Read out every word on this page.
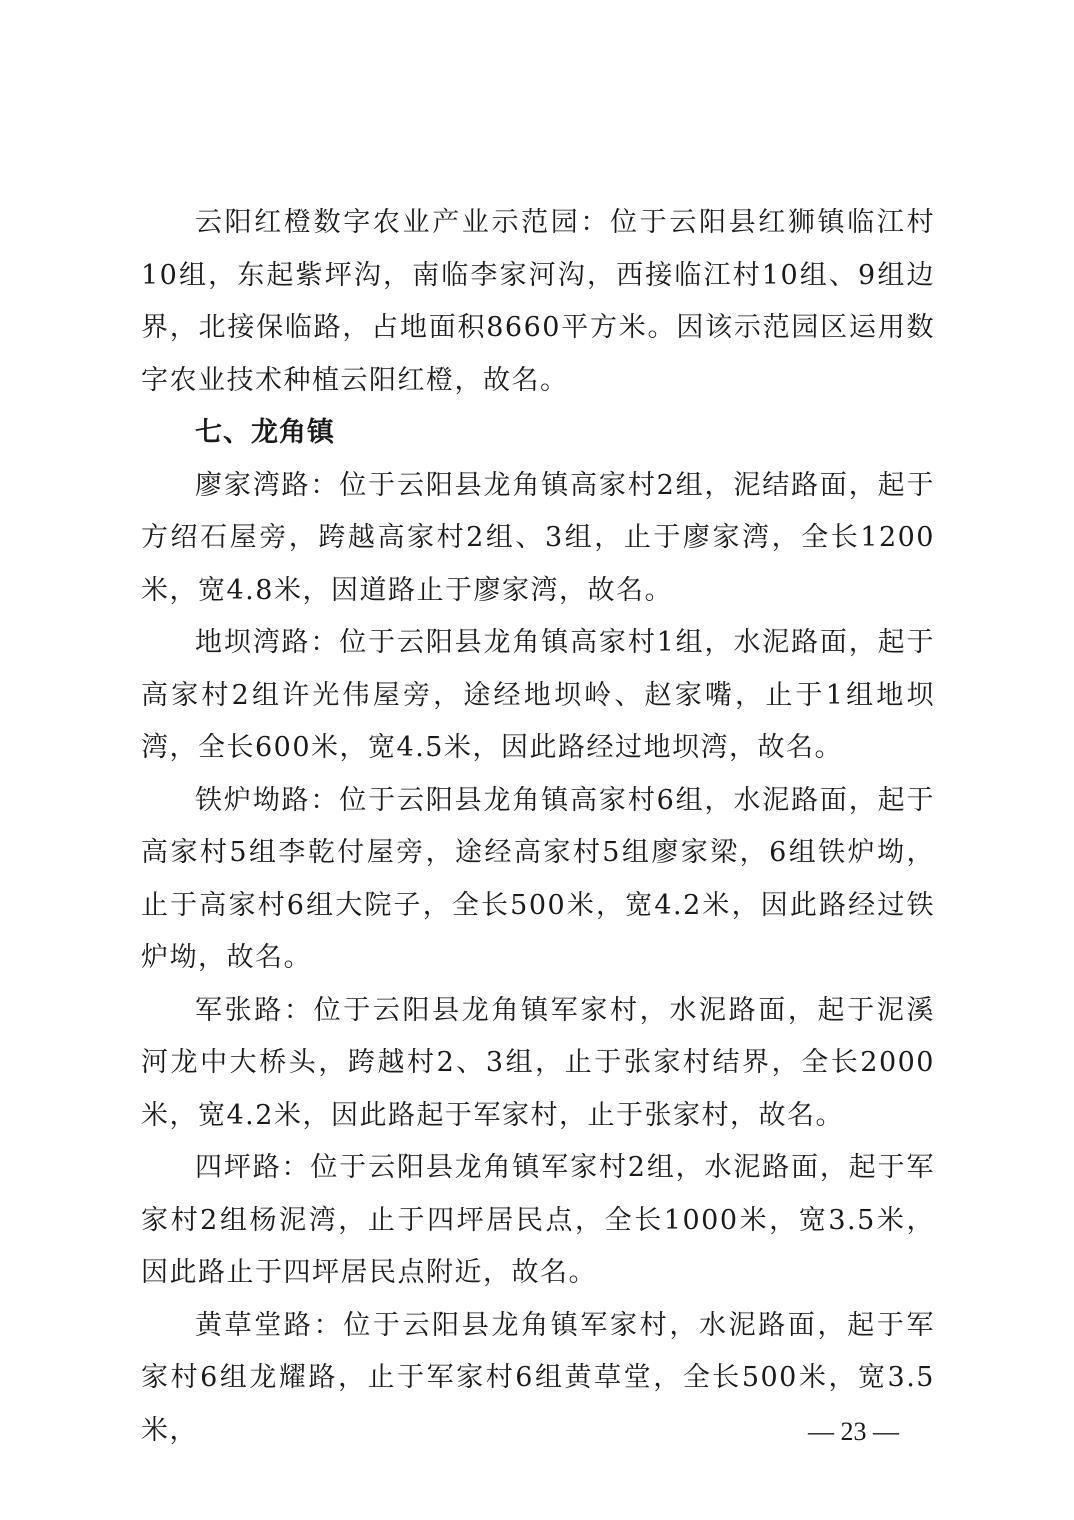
云阳红橙数字农业产业示范园：位于云阳县红狮镇临江村10组，东起紫坪沟，南临李家河沟，西接临江村10组、9组边界，北接保临路，占地面积8660平方米。因该示范园区运用数字农业技术种植云阳红橙，故名。

七、龙角镇

廖家湾路：位于云阳县龙角镇高家村2组，泥结路面，起于方绍石屋旁，跨越高家村2组、3组，止于廖家湾，全长1200米，宽4.8米，因道路止于廖家湾，故名。

地坝湾路：位于云阳县龙角镇高家村1组，水泥路面，起于高家村2组许光伟屋旁，途经地坝岭、赵家嘴，止于1组地坝湾，全长600米，宽4.5米，因此路经过地坝湾，故名。

铁炉坳路：位于云阳县龙角镇高家村6组，水泥路面，起于高家村5组李乾付屋旁，途经高家村5组廖家梁，6组铁炉坳，止于高家村6组大院子，全长500米，宽4.2米，因此路经过铁炉坳，故名。

军张路：位于云阳县龙角镇军家村，水泥路面，起于泥溪河龙中大桥头，跨越村2、3组，止于张家村结界，全长2000米，宽4.2米，因此路起于军家村，止于张家村，故名。

四坪路：位于云阳县龙角镇军家村2组，水泥路面，起于军家村2组杨泥湾，止于四坪居民点，全长1000米，宽3.5米，因此路止于四坪居民点附近，故名。

黄草堂路：位于云阳县龙角镇军家村，水泥路面，起于军家村6组龙耀路，止于军家村6组黄草堂，全长500米，宽3.5米，	— 23 —
